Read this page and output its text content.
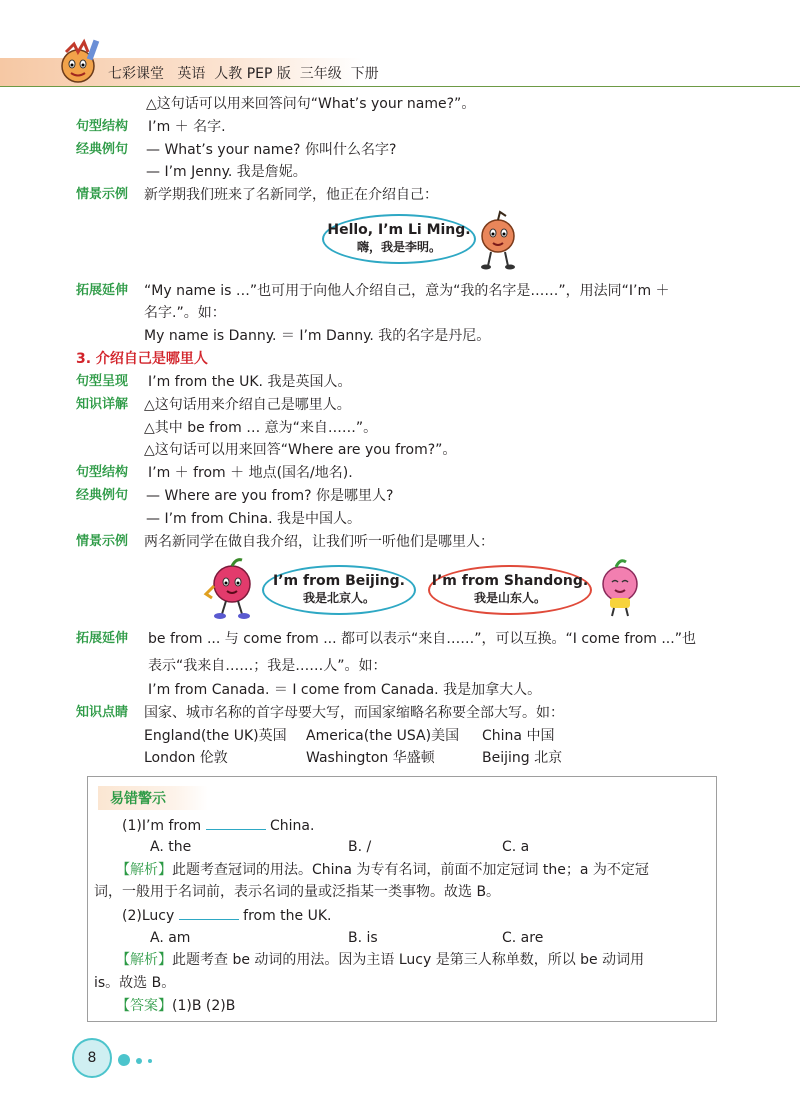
七彩课堂   英语  人教 PEP 版  三年级  下册
△这句话可以用来回答问句“What’s your name?”。
句型结构 I’m ＋ 名字.
经典例句 — What’s your name? 你叫什么名字?
— I’m Jenny. 我是詹妮。
情景示例 新学期我们班来了名新同学，他正在介绍自己：
Hello, I’m Li Ming.
嗨，我是李明。
拓展延伸 “My name is …”也可用于向他人介绍自己，意为“我的名字是……”，用法同“I’m ＋
名字.”。如：
My name is Danny. ＝ I’m Danny. 我的名字是丹尼。
3. 介绍自己是哪里人
句型呈现 I’m from the UK. 我是英国人。
知识详解 △这句话用来介绍自己是哪里人。
△其中 be from … 意为“来自……”。
△这句话可以用来回答“Where are you from?”。
句型结构 I’m ＋ from ＋ 地点(国名/地名).
经典例句 — Where are you from? 你是哪里人?
— I’m from China. 我是中国人。
情景示例 两名新同学在做自我介绍，让我们听一听他们是哪里人：
I’m from Beijing.
我是北京人。
I’m from Shandong.
我是山东人。
拓展延伸 be from ... 与 come from ... 都可以表示“来自……”，可以互换。“I come from ...”也
表示“我来自……；我是……人”。如：
I’m from Canada. ＝ I come from Canada. 我是加拿大人。
知识点睛 国家、城市名称的首字母要大写，而国家缩略名称要全部大写。如：
England(the UK)英国 America(the USA)美国 China 中国
London 伦敦	Washington 华盛顿	Beijing 北京
易错警示
(1)I’m from	China.
A. the	B. /	C. a
【解析】此题考查冠词的用法。China 为专有名词，前面不加定冠词 the；a 为不定冠
词，一般用于名词前，表示名词的量或泛指某一类事物。故选 B。
(2)Lucy	from the UK.
A. am	B. is	C. are
【解析】此题考查 be 动词的用法。因为主语 Lucy 是第三人称单数，所以 be 动词用
is。故选 B。
【答案】(1)B (2)B
8
